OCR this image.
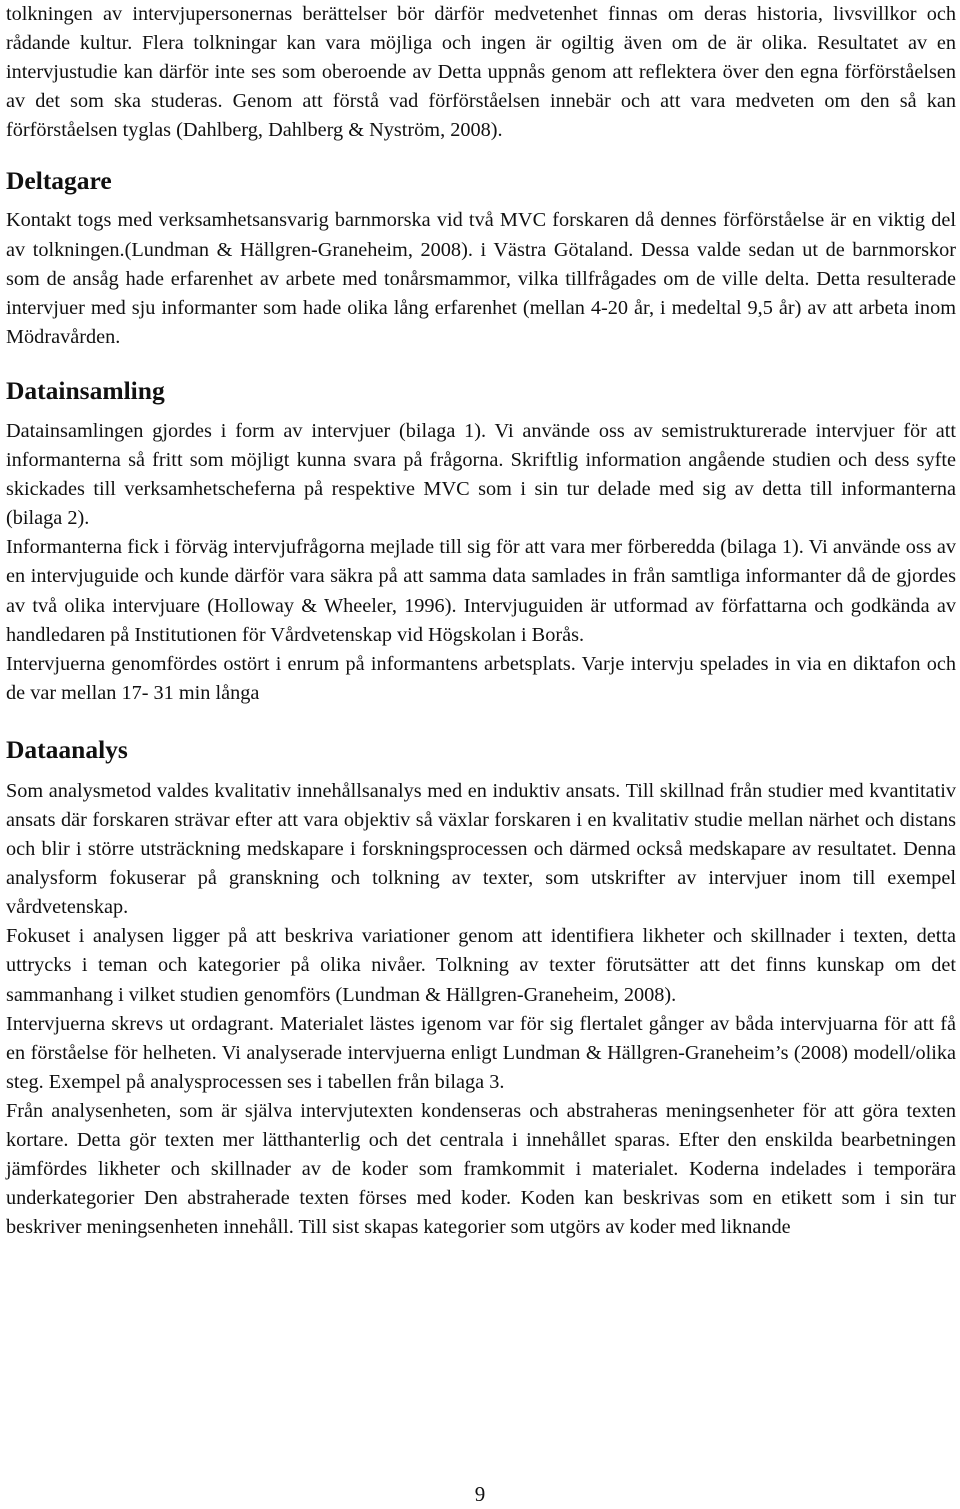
tolkningen av intervjupersonernas berättelser bör därför medvetenhet finnas om deras historia, livsvillkor och rådande kultur. Flera tolkningar kan vara möjliga och ingen är ogiltig även om de är olika. Resultatet av en intervjustudie kan därför inte ses som oberoende av Detta uppnås genom att reflektera över den egna förförståelsen av det som ska studeras. Genom att förstå vad förförståelsen innebär och att vara medveten om den så kan förförståelsen tyglas (Dahlberg, Dahlberg & Nyström, 2008).

Deltagare

Kontakt togs med verksamhetsansvarig barnmorska vid två MVC forskaren då dennes förförståelse är en viktig del av tolkningen.(Lundman & Hällgren-Graneheim, 2008). i Västra Götaland. Dessa valde sedan ut de barnmorskor som de ansåg hade erfarenhet av arbete med tonårsmammor, vilka tillfrågades om de ville delta. Detta resulterade intervjuer med sju informanter som hade olika lång erfarenhet (mellan 4-20 år, i medeltal 9,5 år) av att arbeta inom Mödravården.

Datainsamling

Datainsamlingen gjordes i form av intervjuer (bilaga 1). Vi använde oss av semistrukturerade intervjuer för att informanterna så fritt som möjligt kunna svara på frågorna. Skriftlig information angående studien och dess syfte skickades till verksamhetscheferna på respektive MVC som i sin tur delade med sig av detta till informanterna (bilaga 2).

Informanterna fick i förväg intervjufrågorna mejlade till sig för att vara mer förberedda (bilaga 1). Vi använde oss av en intervjuguide och kunde därför vara säkra på att samma data samlades in från samtliga informanter då de gjordes av två olika intervjuare (Holloway & Wheeler, 1996). Intervjuguiden är utformad av författarna och godkända av handledaren på Institutionen för Vårdvetenskap vid Högskolan i Borås.

Intervjuerna genomfördes ostört i enrum på informantens arbetsplats. Varje intervju spelades in via en diktafon och de var mellan 17- 31 min långa

Dataanalys

Som analysmetod valdes kvalitativ innehållsanalys med en induktiv ansats. Till skillnad från studier med kvantitativ ansats där forskaren strävar efter att vara objektiv så växlar forskaren i en kvalitativ studie mellan närhet och distans och blir i större utsträckning medskapare i forskningsprocessen och därmed också medskapare av resultatet. Denna analysform fokuserar på granskning och tolkning av texter, som utskrifter av intervjuer inom till exempel vårdvetenskap.

Fokuset i analysen ligger på att beskriva variationer genom att identifiera likheter och skillnader i texten, detta uttrycks i teman och kategorier på olika nivåer. Tolkning av texter förutsätter att det finns kunskap om det sammanhang i vilket studien genomförs (Lundman & Hällgren-Graneheim, 2008).

Intervjuerna skrevs ut ordagrant. Materialet lästes igenom var för sig flertalet gånger av båda intervjuarna för att få en förståelse för helheten. Vi analyserade intervjuerna enligt Lundman & Hällgren-Graneheim’s (2008) modell/olika steg. Exempel på analysprocessen ses i tabellen från bilaga 3.

Från analysenheten, som är själva intervjutexten kondenseras och abstraheras meningsenheter för att göra texten kortare. Detta gör texten mer lätthanterlig och det centrala i innehållet sparas. Efter den enskilda bearbetningen jämfördes likheter och skillnader av de koder som framkommit i materialet. Koderna indelades i temporära underkategorier Den abstraherade texten förses med koder. Koden kan beskrivas som en etikett som i sin tur beskriver meningsenheten innehåll. Till sist skapas kategorier som utgörs av koder med liknande

9
